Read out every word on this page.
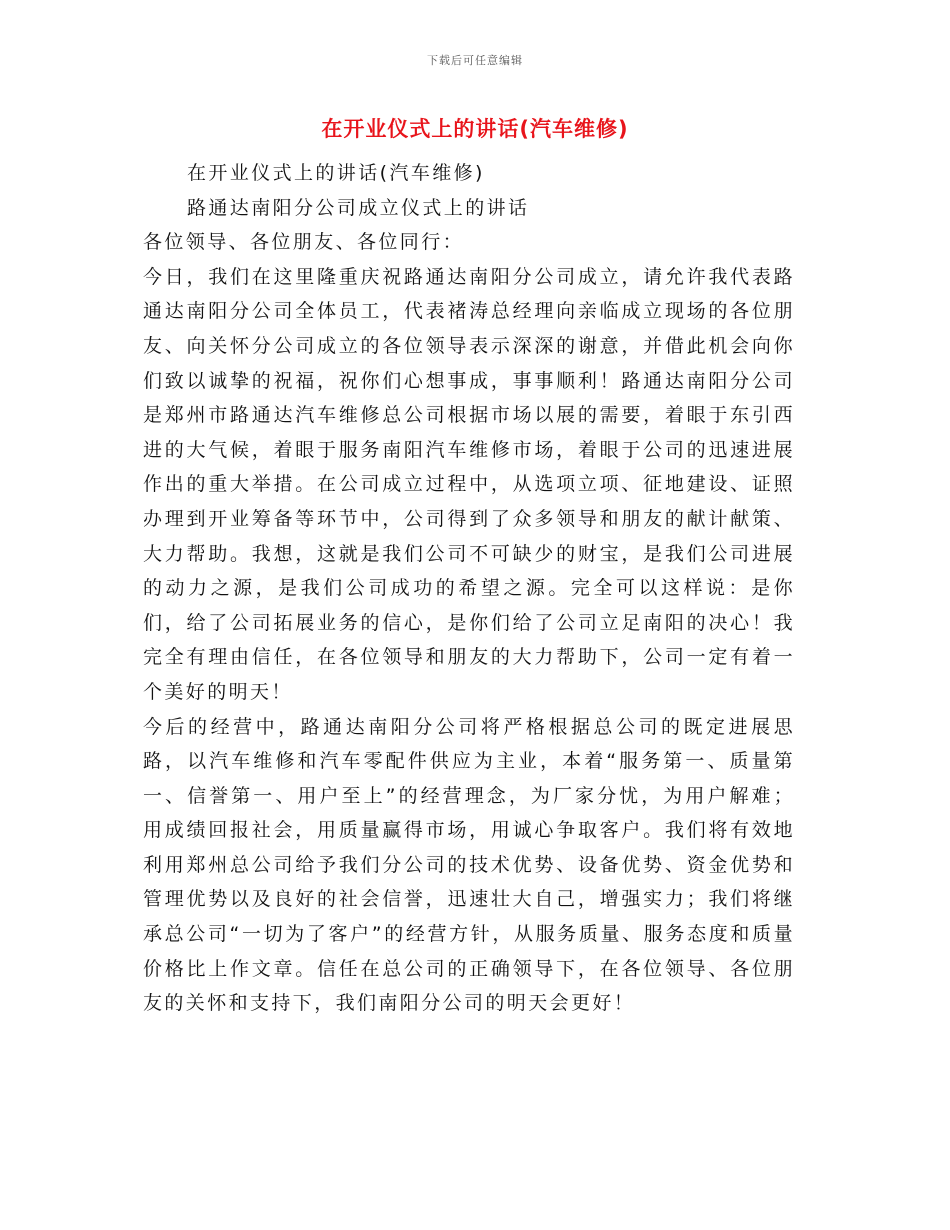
下载后可任意编辑
在开业仪式上的讲话(汽车维修)

在开业仪式上的讲话(汽车维修)

路通达南阳分公司成立仪式上的讲话

各位领导、各位朋友、各位同行：

今日，我们在这里隆重庆祝路通达南阳分公司成立，请允许我代表路通达南阳分公司全体员工，代表褚涛总经理向亲临成立现场的各位朋友、向关怀分公司成立的各位领导表示深深的谢意，并借此机会向你们致以诚挚的祝福，祝你们心想事成，事事顺利！路通达南阳分公司是郑州市路通达汽车维修总公司根据市场以展的需要，着眼于东引西进的大气候，着眼于服务南阳汽车维修市场，着眼于公司的迅速进展作出的重大举措。在公司成立过程中，从选项立项、征地建设、证照办理到开业筹备等环节中，公司得到了众多领导和朋友的献计献策、大力帮助。我想，这就是我们公司不可缺少的财宝，是我们公司进展的动力之源，是我们公司成功的希望之源。完全可以这样说：是你们，给了公司拓展业务的信心，是你们给了公司立足南阳的决心！我完全有理由信任，在各位领导和朋友的大力帮助下，公司一定有着一个美好的明天！

今后的经营中，路通达南阳分公司将严格根据总公司的既定进展思路，以汽车维修和汽车零配件供应为主业，本着“服务第一、质量第一、信誉第一、用户至上”的经营理念，为厂家分忧，为用户解难；用成绩回报社会，用质量赢得市场，用诚心争取客户。我们将有效地利用郑州总公司给予我们分公司的技术优势、设备优势、资金优势和管理优势以及良好的社会信誉，迅速壮大自己，增强实力；我们将继承总公司“一切为了客户”的经营方针，从服务质量、服务态度和质量价格比上作文章。信任在总公司的正确领导下，在各位领导、各位朋友的关怀和支持下，我们南阳分公司的明天会更好！
